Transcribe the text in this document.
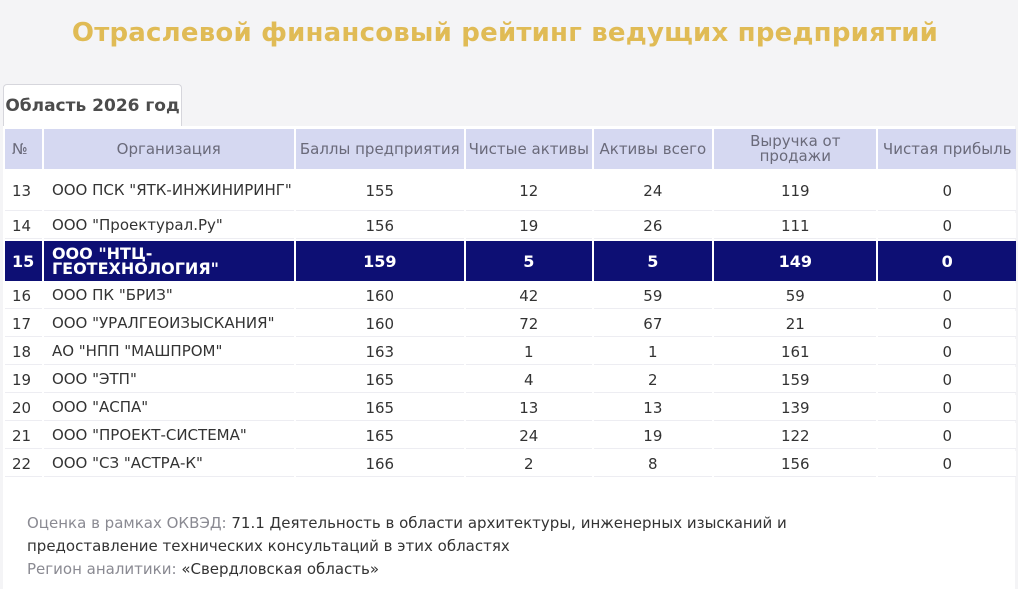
Отраслевой финансовый рейтинг ведущих предприятий
Область 2026 год
№	Организация	Баллы предприятия	Чистые активы	Активы всего	Выручка от продажи	Чистая прибыль
13	ООО ПСК "ЯТК-ИНЖИНИРИНГ"	155	12	24	119	0
14	ООО "Проектурал.Ру"	156	19	26	111	0
15	ООО "НТЦ-ГЕОТЕХНОЛОГИЯ"	159	5	5	149	0
16	ООО ПК "БРИЗ"	160	42	59	59	0
17	ООО "УРАЛГЕОИЗЫСКАНИЯ"	160	72	67	21	0
18	АО "НПП "МАШПРОМ"	163	1	1	161	0
19	ООО "ЭТП"	165	4	2	159	0
20	ООО "АСПА"	165	13	13	139	0
21	ООО "ПРОЕКТ-СИСТЕМА"	165	24	19	122	0
22	ООО "СЗ "АСТРА-К"	166	2	8	156	0
Оценка в рамках ОКВЭД: 71.1 Деятельность в области архитектуры, инженерных изысканий и предоставление технических консультаций в этих областях
Регион аналитики: «Свердловская область»
